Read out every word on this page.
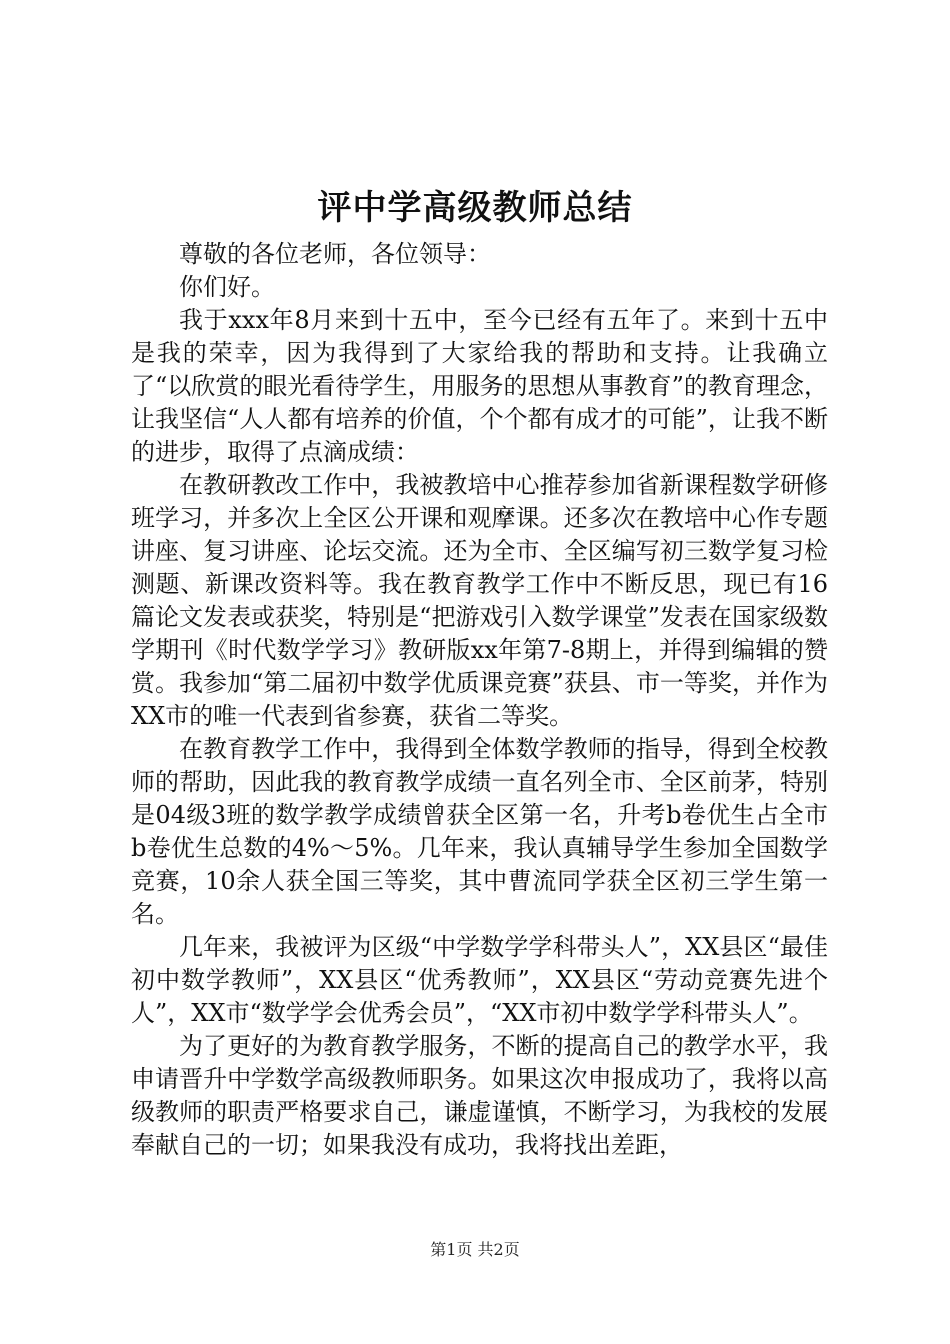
评中学高级教师总结

尊敬的各位老师，各位领导：

你们好。

我于xxx年8月来到十五中，至今已经有五年了。来到十五中是我的荣幸，因为我得到了大家给我的帮助和支持。让我确立了“以欣赏的眼光看待学生，用服务的思想从事教育”的教育理念，让我坚信“人人都有培养的价值，个个都有成才的可能”，让我不断的进步，取得了点滴成绩：

在教研教改工作中，我被教培中心推荐参加省新课程数学研修班学习，并多次上全区公开课和观摩课。还多次在教培中心作专题讲座、复习讲座、论坛交流。还为全市、全区编写初三数学复习检测题、新课改资料等。我在教育教学工作中不断反思，现已有16篇论文发表或获奖，特别是“把游戏引入数学课堂”发表在国家级数学期刊《时代数学学习》教研版xx年第7-8期上，并得到编辑的赞赏。我参加“第二届初中数学优质课竞赛”获县、市一等奖，并作为XX市的唯一代表到省参赛，获省二等奖。

在教育教学工作中，我得到全体数学教师的指导，得到全校教师的帮助，因此我的教育教学成绩一直名列全市、全区前茅，特别是04级3班的数学教学成绩曾获全区第一名，升考b卷优生占全市b卷优生总数的4%～5%。几年来，我认真辅导学生参加全国数学竞赛，10余人获全国三等奖，其中曹流同学获全区初三学生第一名。

几年来，我被评为区级“中学数学学科带头人”，XX县区“最佳初中数学教师”，XX县区“优秀教师”，XX县区“劳动竞赛先进个人”，XX市“数学学会优秀会员”，“XX市初中数学学科带头人”。

为了更好的为教育教学服务，不断的提高自己的教学水平，我申请晋升中学数学高级教师职务。如果这次申报成功了，我将以高级教师的职责严格要求自己，谦虚谨慎，不断学习，为我校的发展奉献自己的一切；如果我没有成功，我将找出差距，

第1页 共2页
